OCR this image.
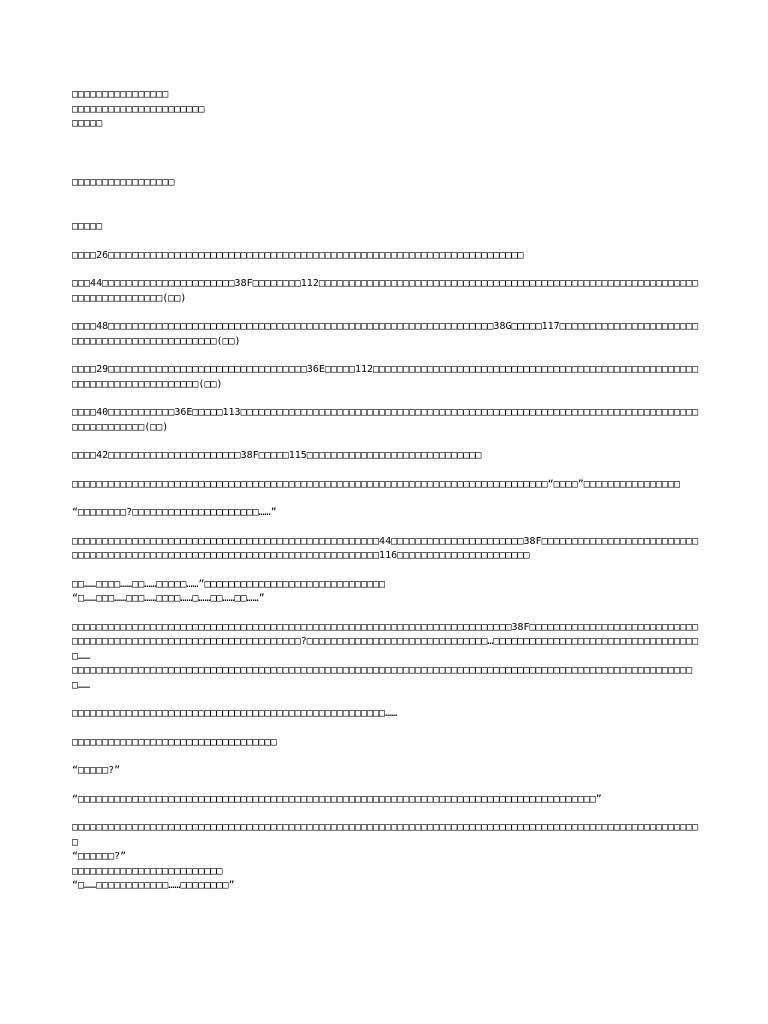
□□□□□□□□□□□□□□□□
□□□□□□□□□□□□□□□□□□□□□□
□□□□□
□□□□□□□□□□□□□□□□□
□□□□□

□□□□26□□□□□□□□□□□□□□□□□□□□□□□□□□□□□□□□□□□□□□□□□□□□□□□□□□□□□□□□□□□□□□□□□□□□□

□□□44□□□□□□□□□□□□□□□□□□□□□□38F□□□□□□□□112□□□□□□□□□□□□□□□□□□□□□□□□□□□□□□□□□□□□□□□□□□□□□□□□□□□□□□□□□□□□□□□□□□□□□□□□□□□□□□(□□)

□□□□48□□□□□□□□□□□□□□□□□□□□□□□□□□□□□□□□□□□□□□□□□□□□□□□□□□□□□□□□□□□□□□□□38G□□□□□117□□□□□□□□□□□□□□□□□□□□□□□□□□□□□□□□□□□□□□□□□□□□□□□(□□)

□□□□29□□□□□□□□□□□□□□□□□□□□□□□□□□□□□□□□□36E□□□□□112□□□□□□□□□□□□□□□□□□□□□□□□□□□□□□□□□□□□□□□□□□□□□□□□□□□□□□□□□□□□□□□□□□□□□□□□□□□(□□)

□□□□40□□□□□□□□□□□36E□□□□□113□□□□□□□□□□□□□□□□□□□□□□□□□□□□□□□□□□□□□□□□□□□□□□□□□□□□□□□□□□□□□□□□□□□□□□□□□□□□□□□□□□□□□□□□(□□)

□□□□42□□□□□□□□□□□□□□□□□□□□□□38F□□□□□115□□□□□□□□□□□□□□□□□□□□□□□□□□□□□

□□□□□□□□□□□□□□□□□□□□□□□□□□□□□□□□□□□□□□□□□□□□□□□□□□□□□□□□□□□□□□□□□□□□□□□□□□□□□□□“□□□□”□□□□□□□□□□□□□□□□

“□□□□□□□□?□□□□□□□□□□□□□□□□□□□□□……”

□□□□□□□□□□□□□□□□□□□□□□□□□□□□□□□□□□□□□□□□□□□□□□□□□□□44□□□□□□□□□□□□□□□□□□□□□□38F□□□□□□□□□□□□□□□□□□□□□□□□□□□□□□□□□□□□□□□□□□□□□□□□□□□□□□□□□□□□□□□□□□□□□□□□□□□□□116□□□□□□□□□□□□□□□□□□□□□□

□□……□□□□……□□……□□□□□……”□□□□□□□□□□□□□□□□□□□□□□□□□□□□□□
“□……□□□……□□□……□□□□……□……□□……□□……”

□□□□□□□□□□□□□□□□□□□□□□□□□□□□□□□□□□□□□□□□□□□□□□□□□□□□□□□□□□□□□□□□□□□□□□□□□38F□□□□□□□□□□□□□□□□□□□□□□□□□□□□□□□□□□□□□□□□□□□□□□□□□□□□□□□□□□□□□□□□□□?□□□□□□□□□□□□□□□□□□□□□□□□□□□□□□…□□□□□□□□□□□□□□□□□□□□□□□□□□□□□□□□□□□……
□□□□□□□□□□□□□□□□□□□□□□□□□□□□□□□□□□□□□□□□□□□□□□□□□□□□□□□□□□□□□□□□□□□□□□□□□□□□□□□□□□□□□□□□□□□□□□□□□□□□□□□□……

□□□□□□□□□□□□□□□□□□□□□□□□□□□□□□□□□□□□□□□□□□□□□□□□□□□□……

□□□□□□□□□□□□□□□□□□□□□□□□□□□□□□□□□□

“□□□□□?”

“□□□□□□□□□□□□□□□□□□□□□□□□□□□□□□□□□□□□□□□□□□□□□□□□□□□□□□□□□□□□□□□□□□□□□□□□□□□□□□□□□□□□□□”

□□□□□□□□□□□□□□□□□□□□□□□□□□□□□□□□□□□□□□□□□□□□□□□□□□□□□□□□□□□□□□□□□□□□□□□□□□□□□□□□□□□□□□□□□□□□□□□□□□□□□□□□□
“□□□□□□?”
□□□□□□□□□□□□□□□□□□□□□□□□□
“□……□□□□□□□□□□□□……□□□□□□□□”
